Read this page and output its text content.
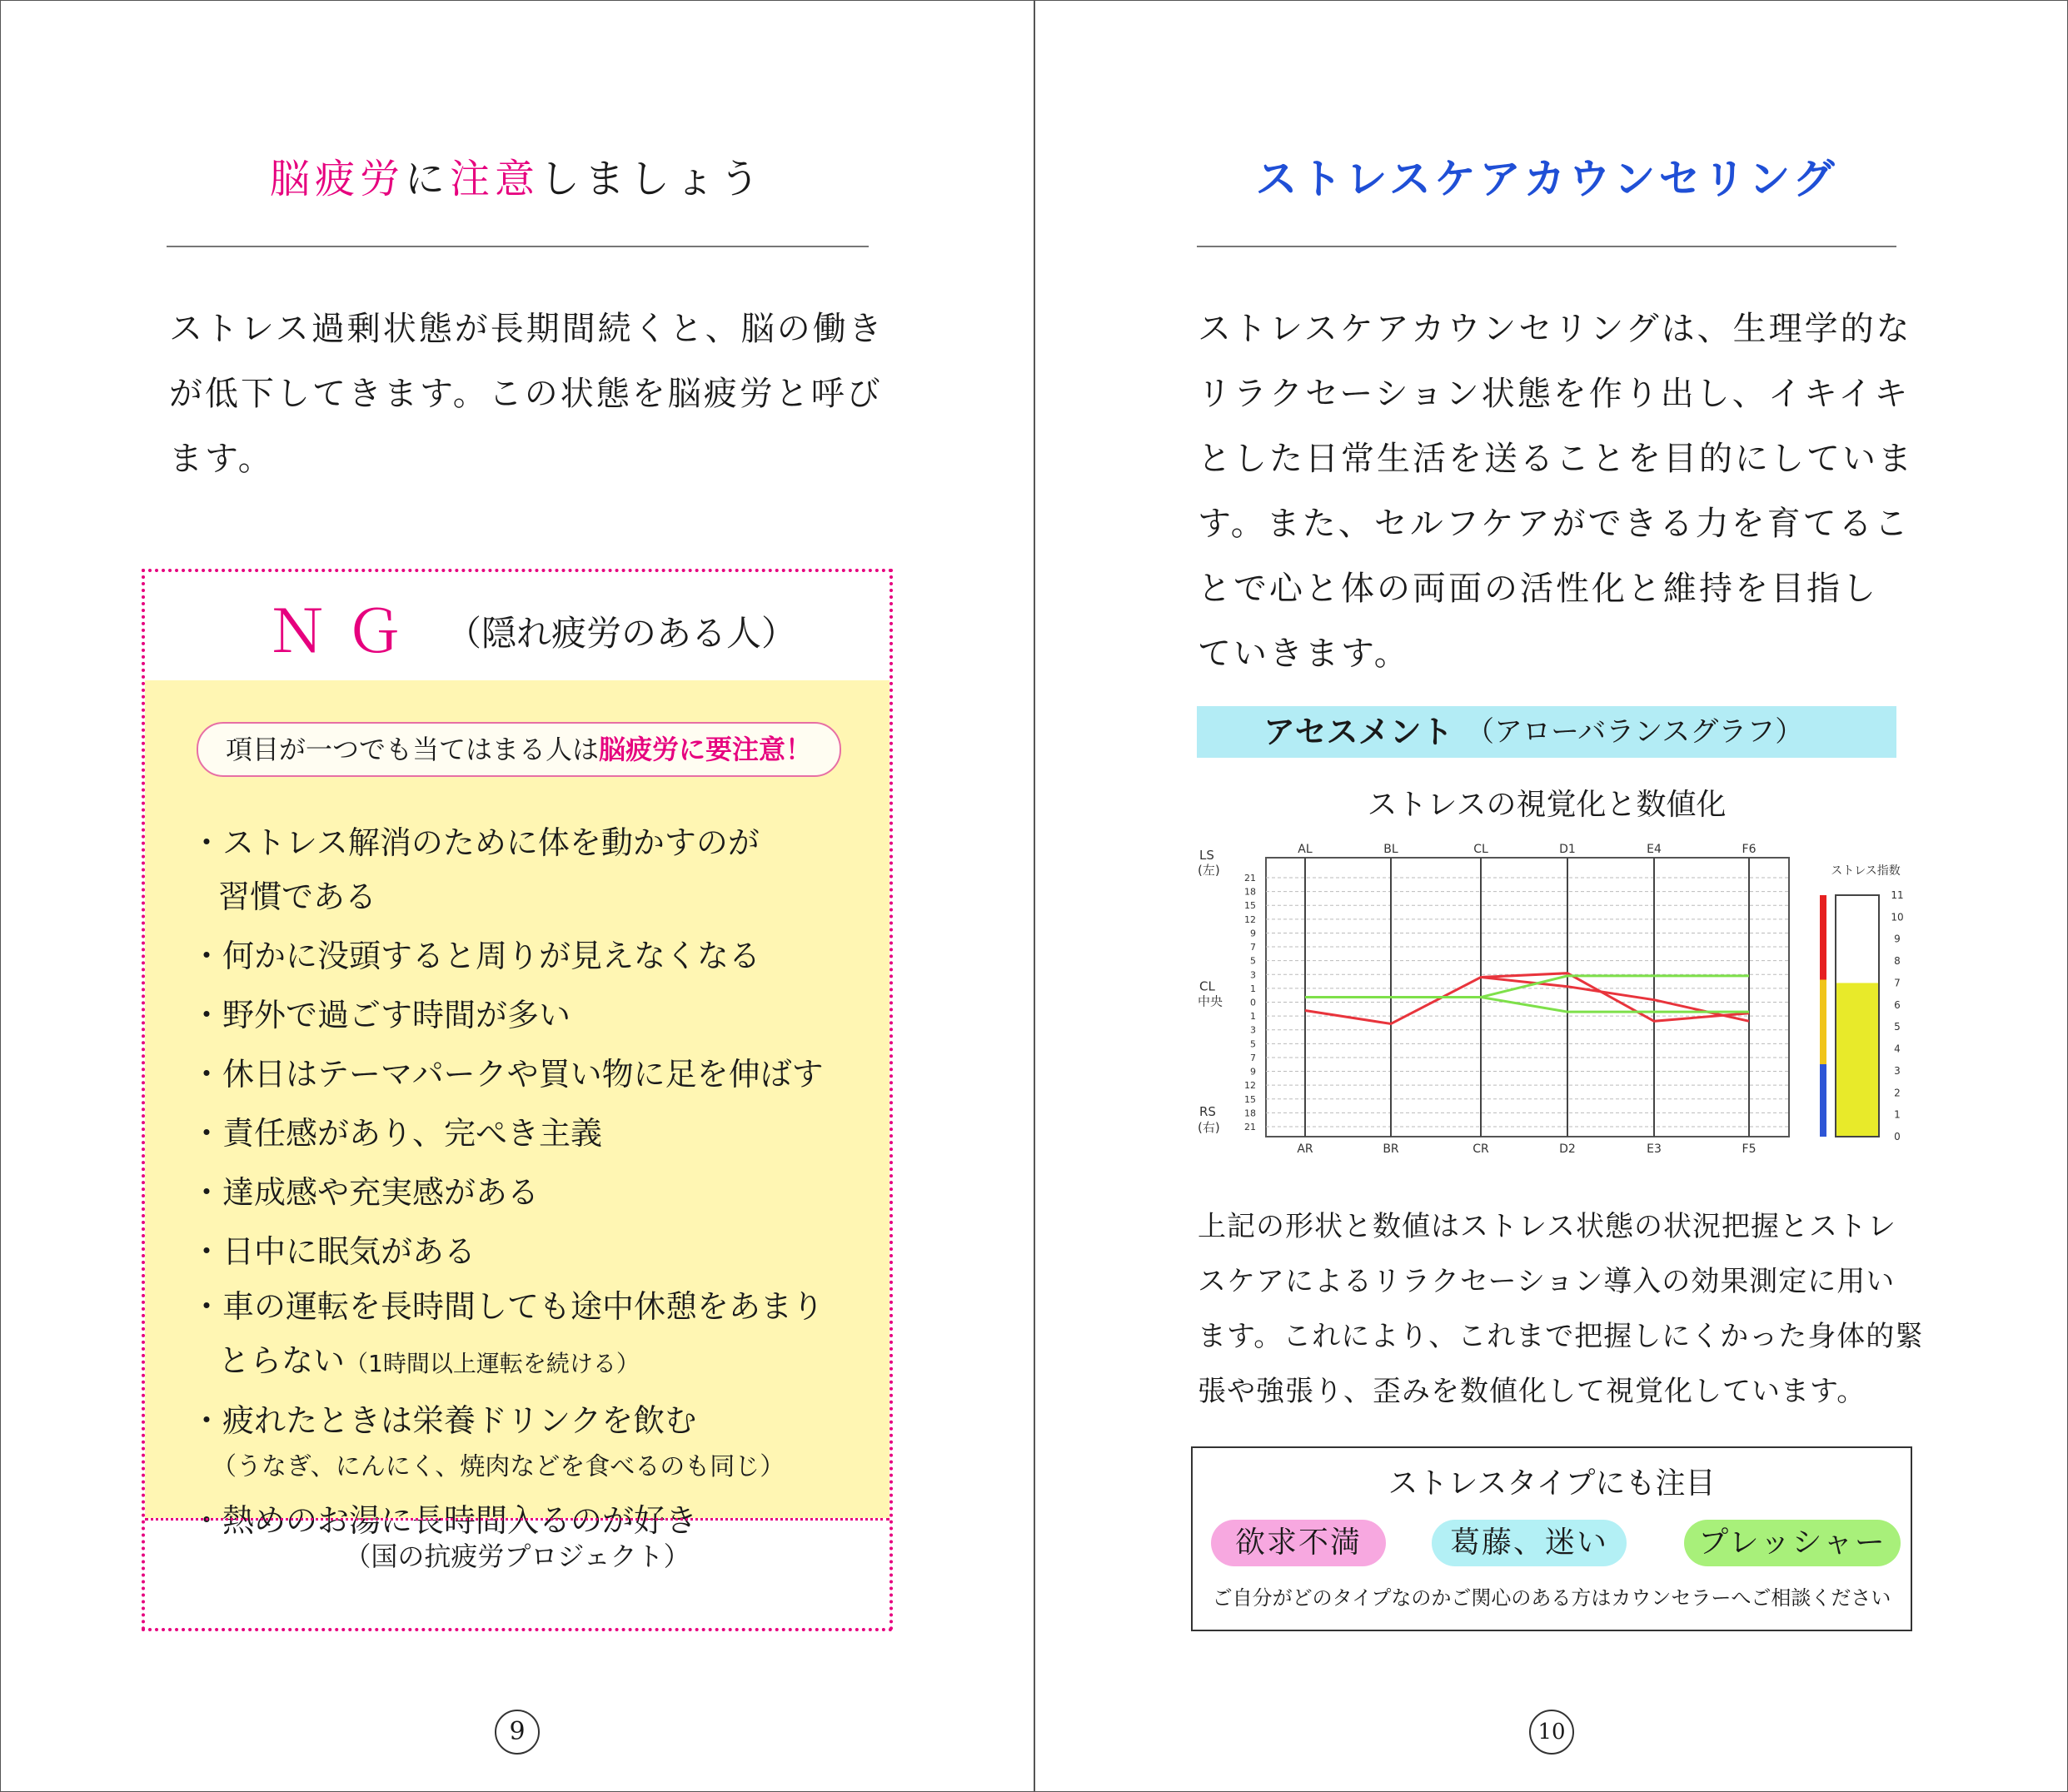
脳疲労に注意しましょう
ストレス過剰状態が長期間続くと、脳の働き
が低下してきます。この状態を脳疲労と呼び
ます。
ＮＧ （隠れ疲労のある人）
項目が一つでも当てはまる人は脳疲労に要注意！
・ストレス解消のために体を動かすのが
習慣である
・何かに没頭すると周りが見えなくなる
・野外で過ごす時間が多い
・休日はテーマパークや買い物に足を伸ばす
・責任感があり、完ぺき主義
・達成感や充実感がある
・日中に眠気がある
・車の運転を長時間しても途中休憩をあまり
とらない（1時間以上運転を続ける）
・疲れたときは栄養ドリンクを飲む
（うなぎ、にんにく、焼肉などを食べるのも同じ）
・熱めのお湯に長時間入るのが好き
（国の抗疲労プロジェクト）
9
ストレスケアカウンセリング
ストレスケアカウンセリングは、生理学的な
リラクセーション状態を作り出し、イキイキ
とした日常生活を送ることを目的にしていま
す。また、セルフケアができる力を育てるこ
とで心と体の両面の活性化と維持を目指し
ていきます。
アセスメント （アローバランスグラフ）
ストレスの視覚化と数値化
21
18
15
12
9
7
5
3
1
0
1
3
5
7
9
12
15
18
21
AL
AR
BL
BR
CL
CR
D1
D2
E4
E3
F6
F5
LS
(左)
CL
中央
RS
(右)
ストレス指数
11
10
9
8
7
6
5
4
3
2
1
0
上記の形状と数値はストレス状態の状況把握とストレ
スケアによるリラクセーション導入の効果測定に用い
ます。これにより、これまで把握しにくかった身体的緊
張や強張り、歪みを数値化して視覚化しています。
ストレスタイプにも注目
欲求不満	葛藤、迷い	プレッシャー
ご自分がどのタイプなのかご関心のある方はカウンセラーへご相談ください
10
